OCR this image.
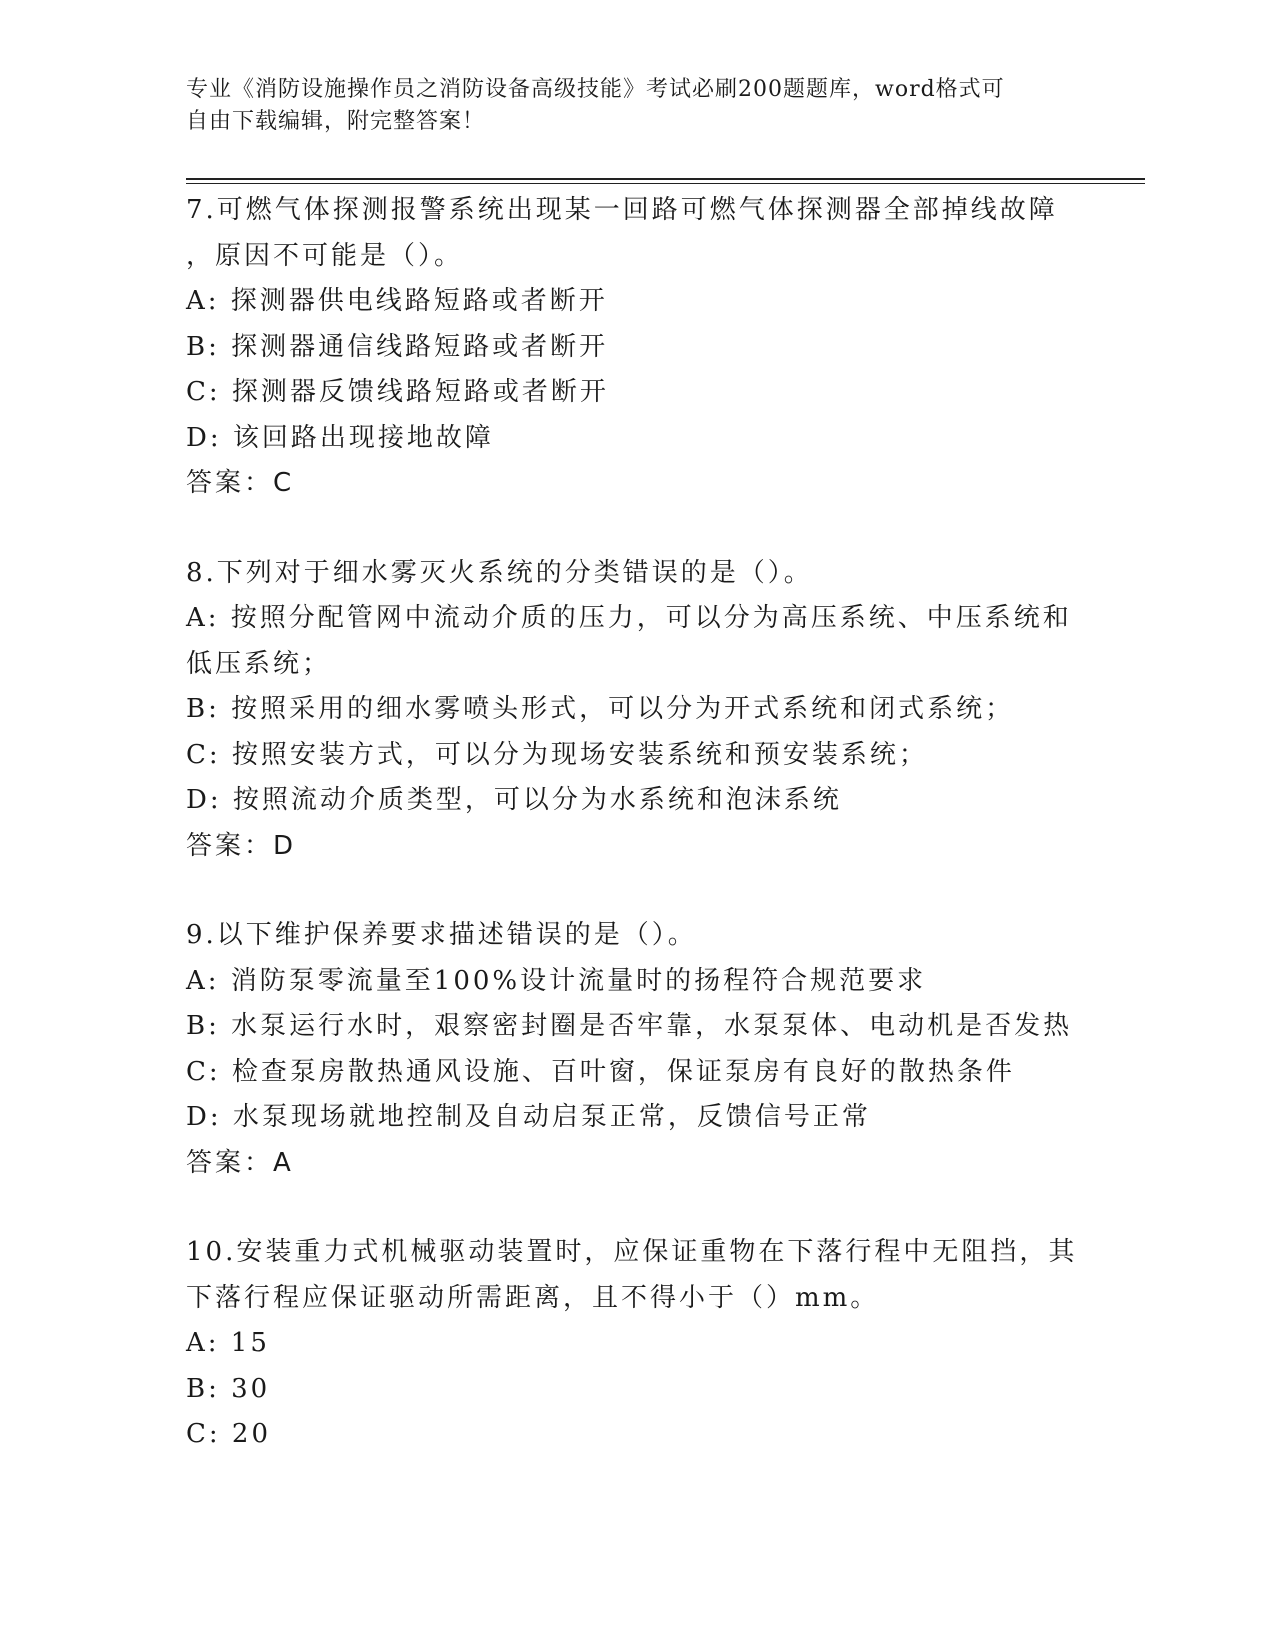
专业《消防设施操作员之消防设备高级技能》考试必刷200题题库，word格式可
自由下载编辑，附完整答案！
7.可燃气体探测报警系统出现某一回路可燃气体探测器全部掉线故障
，原因不可能是（）。
A: 探测器供电线路短路或者断开
B: 探测器通信线路短路或者断开
C: 探测器反馈线路短路或者断开
D: 该回路出现接地故障
答案：C
8.下列对于细水雾灭火系统的分类错误的是（）。
A: 按照分配管网中流动介质的压力，可以分为高压系统、中压系统和
低压系统；
B: 按照采用的细水雾喷头形式，可以分为开式系统和闭式系统；
C: 按照安装方式，可以分为现场安装系统和预安装系统；
D: 按照流动介质类型，可以分为水系统和泡沫系统
答案：D
9.以下维护保养要求描述错误的是（）。
A: 消防泵零流量至100%设计流量时的扬程符合规范要求
B: 水泵运行水时，艰察密封圈是否牢靠，水泵泵体、电动机是否发热
C: 检查泵房散热通风设施、百叶窗，保证泵房有良好的散热条件
D: 水泵现场就地控制及自动启泵正常，反馈信号正常
答案：A
10.安装重力式机械驱动装置时，应保证重物在下落行程中无阻挡，其
下落行程应保证驱动所需距离，且不得小于（）mm。
A: 15
B: 30
C: 20
